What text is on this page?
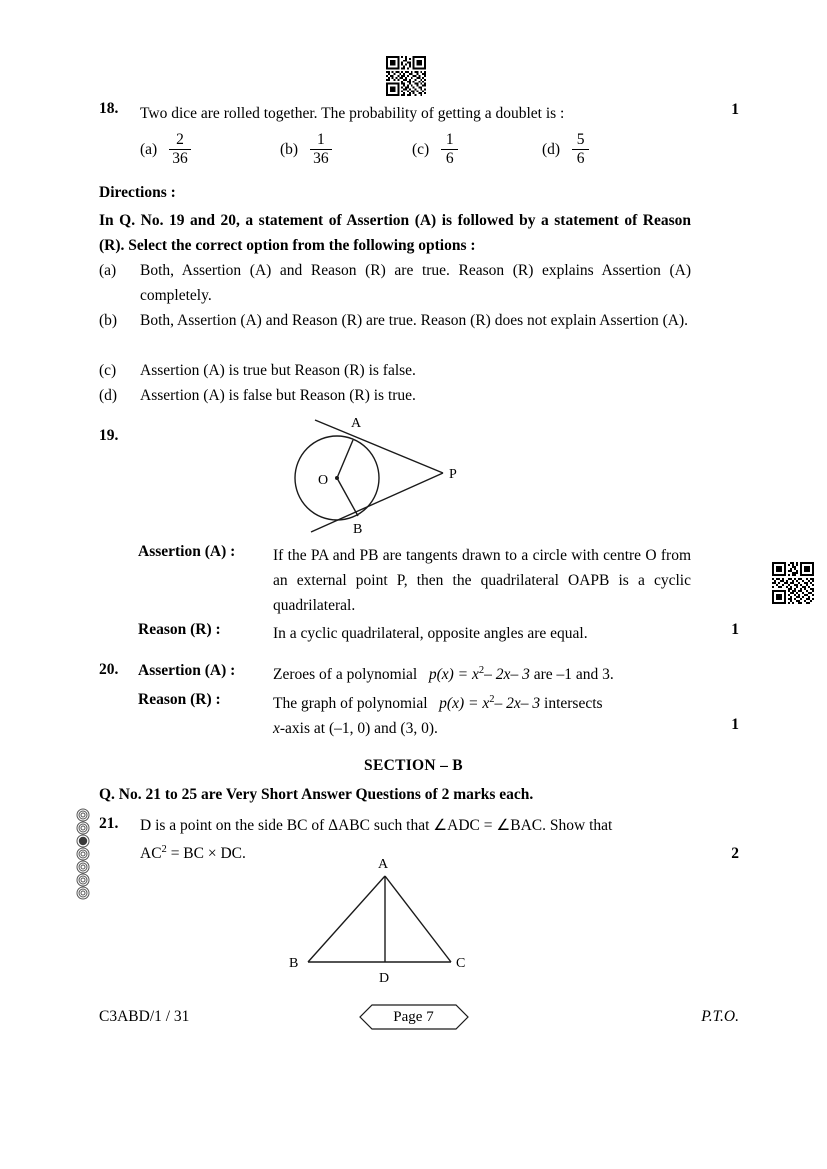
18. Two dice are rolled together. The probability of getting a doublet is :	1
$(a) \frac{2}{36}$	$(b) \frac{1}{36}$	$(c) \frac{1}{6}$	$(d) \frac{5}{6}$
Directions :
In Q. No. 19 and 20, a statement of Assertion (A) is followed by a statement of Reason (R). Select the correct option from the following options :
(a) Both, Assertion (A) and Reason (R) are true. Reason (R) explains Assertion (A) completely.
(b) Both, Assertion (A) and Reason (R) are true. Reason (R) does not explain Assertion (A).
(c) Assertion (A) is true but Reason (R) is false.
(d) Assertion (A) is false but Reason (R) is true.
19.
O
A
B
P
Assertion (A) : If the PA and PB are tangents drawn to a circle with centre O from an external point P, then the quadrilateral OAPB is a cyclic quadrilateral.
Reason (R) :	In a cyclic quadrilateral, opposite angles are equal.	1
20. Assertion (A) : Zeroes of a polynomial $p(x) = x^2-$ 2x– 3 are –1 and 3.
Reason (R) :	The graph of polynomial $p(x) = x^2-$ 2x– 3 intersects
x-axis at (–1, 0) and (3, 0).	1
SECTION – B
Q. No. 21 to 25 are Very Short Answer Questions of 2 marks each.
21. D is a point on the side BC of ΔABC such that ∠ADC = ∠BAC. Show that
$AC^2$ = BC × DC.	2
A
B	C
D
C3ABD/1 / 31	Page 7	P.T.O.
